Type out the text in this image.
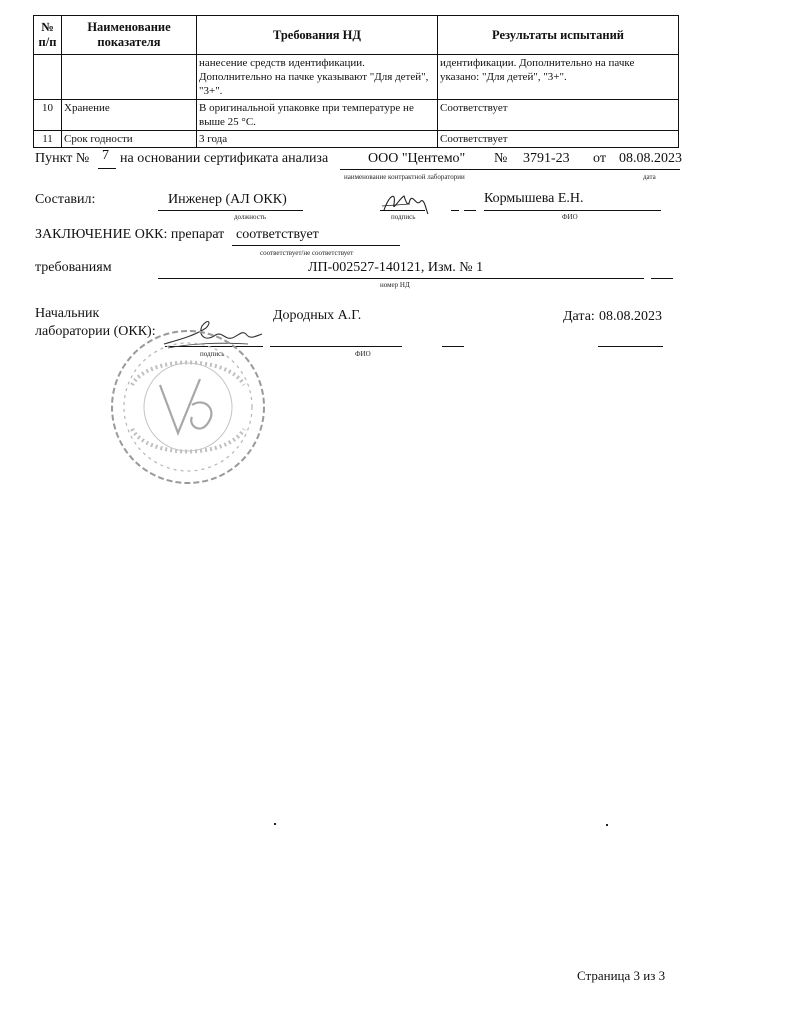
№ п/п	Наименование показателя	Требования НД	Результаты испытаний
		нанесение средств идентификации. Дополнительно на пачке указывают "Для детей", "3+".	идентификации. Дополнительно на пачке указано: "Для детей", "3+".
10	Хранение	В оригинальной упаковке при температуре не выше 25 °С.	Соответствует
11	Срок годности	3 года	Соответствует
Пункт № 7 на основании сертификата анализа	ООО "Центемо" № 3791-23 от 08.08.2023
наименование контрактной лаборатории	дата
Составил:	Инженер (АЛ ОКК)	Кормышева Е.Н.
должность	подпись	ФИО
ЗАКЛЮЧЕНИЕ ОКК: препарат соответствует
соответствует/не соответствует
требованиям	ЛП-002527-140121, Изм. № 1
номер НД
Начальник
лаборатории (ОКК):
Дородных А.Г.	Дата: 08.08.2023
подпись	ФИО
Страница 3 из 3
